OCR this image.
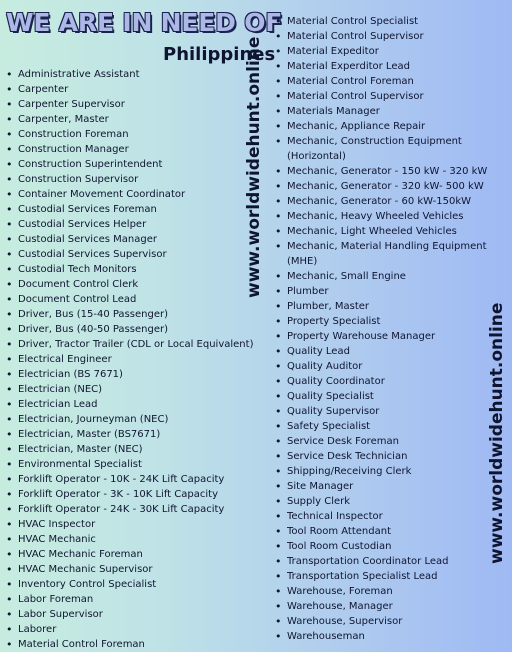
WE ARE IN NEED OF
Philippines
• Administrative Assistant
• Carpenter
• Carpenter Supervisor
• Carpenter, Master
• Construction Foreman
• Construction Manager
• Construction Superintendent
• Construction Supervisor
• Container Movement Coordinator
• Custodial Services Foreman
• Custodial Services Helper
• Custodial Services Manager
• Custodial Services Supervisor
• Custodial Tech Monitors
• Document Control Clerk
• Document Control Lead
• Driver, Bus (15-40 Passenger)
• Driver, Bus (40-50 Passenger)
• Driver, Tractor Trailer (CDL or Local Equivalent)
• Electrical Engineer
• Electrician (BS 7671)
• Electrician (NEC)
• Electrician Lead
• Electrician, Journeyman (NEC)
• Electrician, Master (BS7671)
• Electrician, Master (NEC)
• Environmental Specialist
• Forklift Operator - 10K - 24K Lift Capacity
• Forklift Operator - 3K - 10K Lift Capacity
• Forklift Operator - 24K - 30K Lift Capacity
• HVAC Inspector
• HVAC Mechanic
• HVAC Mechanic Foreman
• HVAC Mechanic Supervisor
• Inventory Control Specialist
• Labor Foreman
• Labor Supervisor
• Laborer
• Material Control Foreman
• Material Control Specialist
• Material Control Supervisor
• Material Expeditor
• Material Experditor Lead
• Material Control Foreman
• Material Control Supervisor
• Materials Manager
• Mechanic, Appliance Repair
• Mechanic, Construction Equipment (Horizontal)
• Mechanic, Generator - 150 kW - 320 kW
• Mechanic, Generator - 320 kW- 500 kW
• Mechanic, Generator - 60 kW-150kW
• Mechanic, Heavy Wheeled Vehicles
• Mechanic, Light Wheeled Vehicles
• Mechanic, Material Handling Equipment (MHE)
• Mechanic, Small Engine
• Plumber
• Plumber, Master
• Property Specialist
• Property Warehouse Manager
• Quality Lead
• Quality Auditor
• Quality Coordinator
• Quality Specialist
• Quality Supervisor
• Safety Specialist
• Service Desk Foreman
• Service Desk Technician
• Shipping/Receiving Clerk
• Site Manager
• Supply Clerk
• Technical Inspector
• Tool Room Attendant
• Tool Room Custodian
• Transportation Coordinator Lead
• Transportation Specialist Lead
• Warehouse, Foreman
• Warehouse, Manager
• Warehouse, Supervisor
• Warehouseman
www.worldwidehunt.online
www.worldwidehunt.online
